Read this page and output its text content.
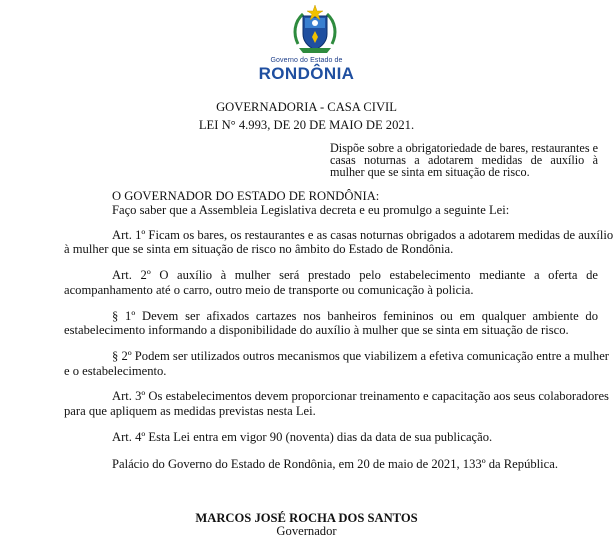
Governo do Estado de
RONDÔNIA
GOVERNADORIA - CASA CIVIL
LEI N° 4.993, DE 20 DE MAIO DE 2021.
Dispõe sobre a obrigatoriedade de bares, restaurantes e casas noturnas a adotarem medidas de auxílio à mulher que se sinta em situação de risco.
O GOVERNADOR DO ESTADO DE RONDÔNIA:
Faço saber que a Assembleia Legislativa decreta e eu promulgo a seguinte Lei:
Art. 1º Ficam os bares, os restaurantes e as casas noturnas obrigados a adotarem medidas de auxílio
à mulher que se sinta em situação de risco no âmbito do Estado de Rondônia.
Art. 2º O auxílio à mulher será prestado pelo estabelecimento mediante a oferta de
acompanhamento até o carro, outro meio de transporte ou comunicação à policia.
§ 1º Devem ser afixados cartazes nos banheiros femininos ou em qualquer ambiente do
estabelecimento informando a disponibilidade do auxílio à mulher que se sinta em situação de risco.
§ 2º Podem ser utilizados outros mecanismos que viabilizem a efetiva comunicação entre a mulher
e o estabelecimento.
Art. 3º Os estabelecimentos devem proporcionar treinamento e capacitação aos seus colaboradores
para que apliquem as medidas previstas nesta Lei.
Art. 4º Esta Lei entra em vigor 90 (noventa) dias da data de sua publicação.
Palácio do Governo do Estado de Rondônia, em 20 de maio de 2021, 133º da República.
MARCOS JOSÉ ROCHA DOS SANTOS
Governador
